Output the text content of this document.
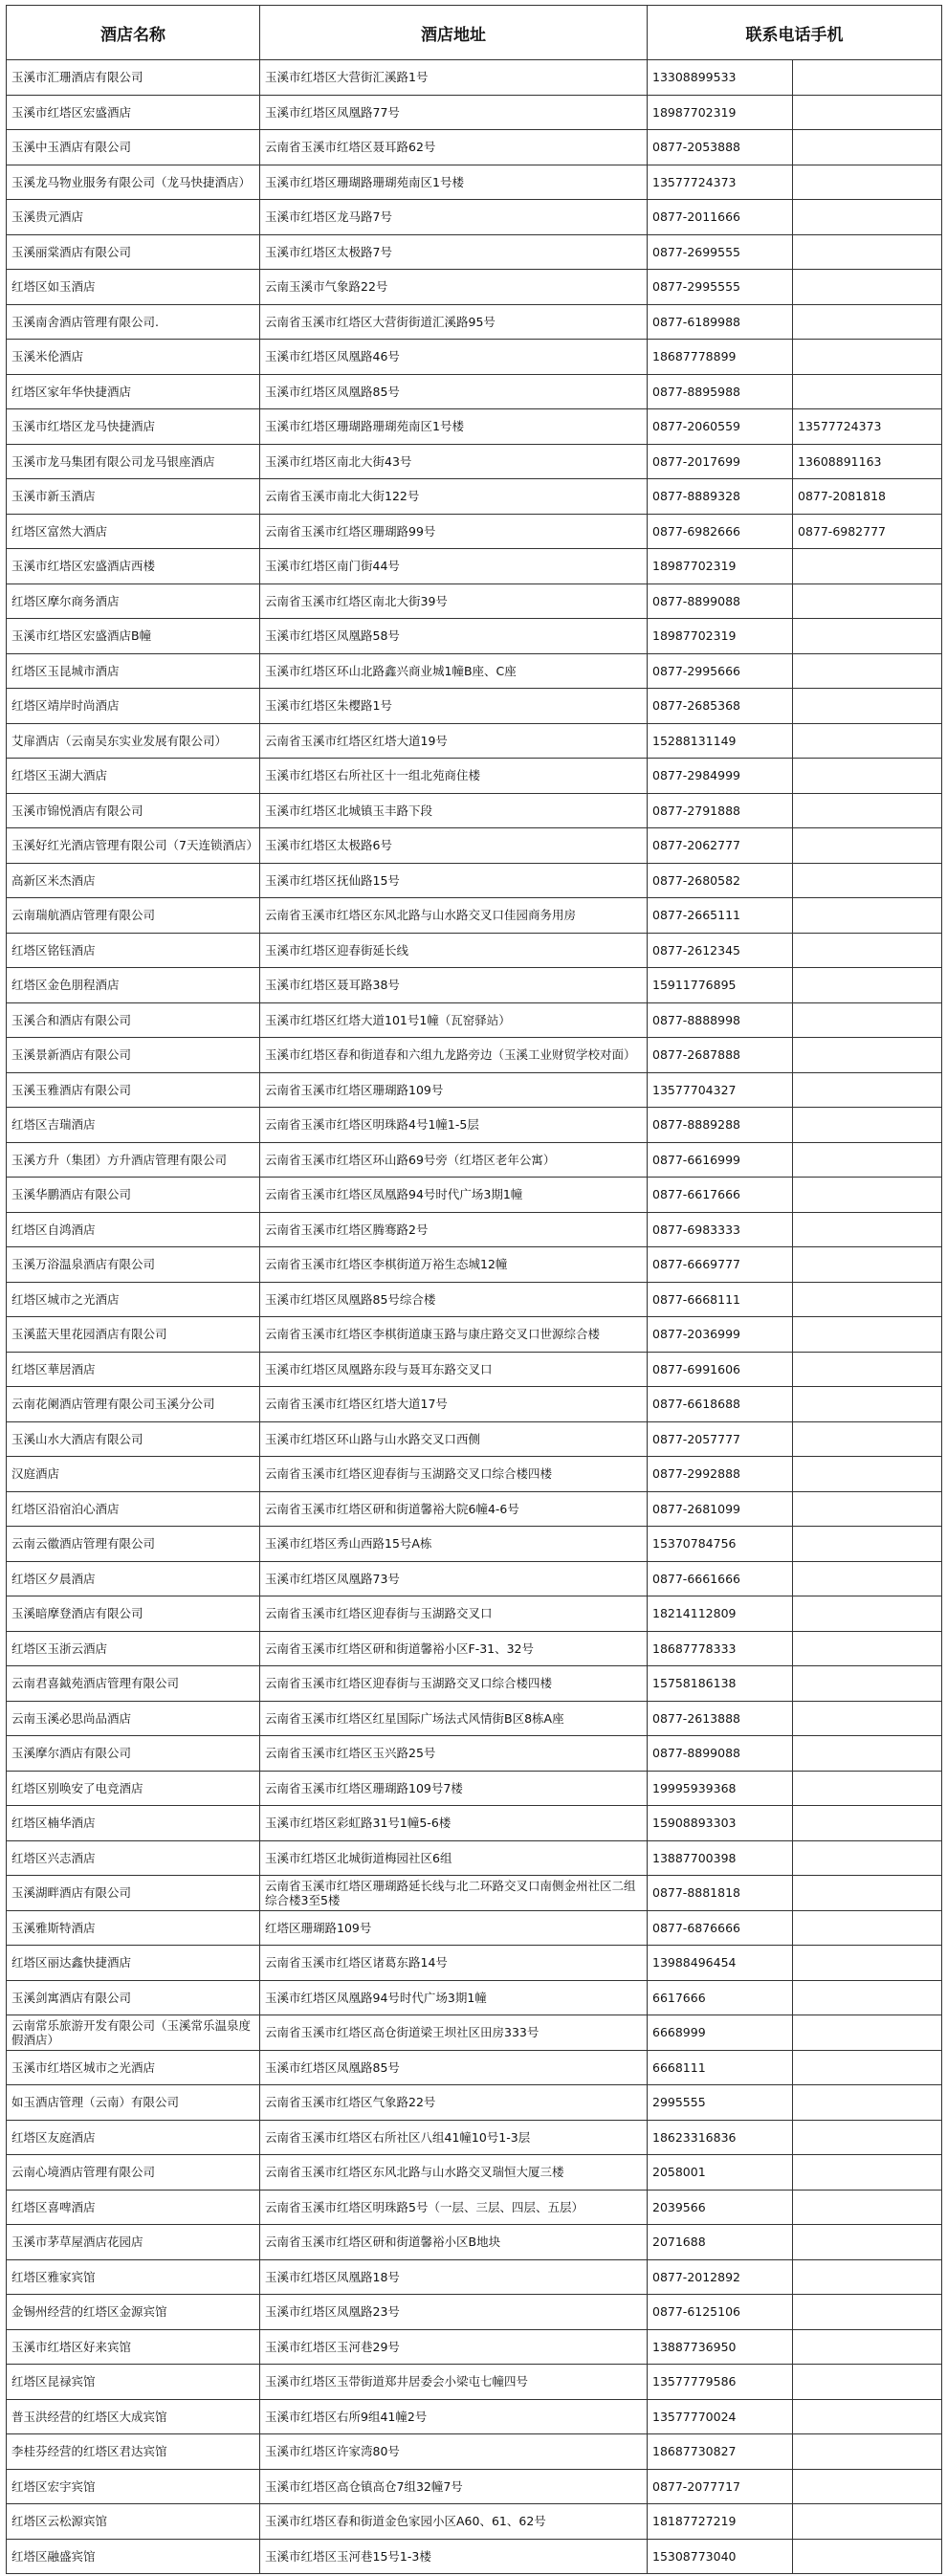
酒店名称	酒店地址	联系电话手机	
玉溪市汇珊酒店有限公司	玉溪市红塔区大营街汇溪路1号	13308899533	
玉溪市红塔区宏盛酒店	玉溪市红塔区凤凰路77号	18987702319	
玉溪中玉酒店有限公司	云南省玉溪市红塔区聂耳路62号	0877-2053888	
玉溪龙马物业服务有限公司（龙马快捷酒店）	玉溪市红塔区珊瑚路珊瑚苑南区1号楼	13577724373	
玉溪贵元酒店	玉溪市红塔区龙马路7号	0877-2011666	
玉溪丽棠酒店有限公司	玉溪市红塔区太极路7号	0877-2699555	
红塔区如玉酒店	云南玉溪市气象路22号	0877-2995555	
玉溪南舍酒店管理有限公司.	云南省玉溪市红塔区大营街街道汇溪路95号	0877-6189988	
玉溪米伦酒店	玉溪市红塔区凤凰路46号	18687778899	
红塔区家年华快捷酒店	玉溪市红塔区凤凰路85号	0877-8895988	
玉溪市红塔区龙马快捷酒店	玉溪市红塔区珊瑚路珊瑚苑南区1号楼	0877-2060559	13577724373
玉溪市龙马集团有限公司龙马银座酒店	玉溪市红塔区南北大街43号	0877-2017699	13608891163
玉溪市新玉酒店	云南省玉溪市南北大街122号	0877-8889328	0877-2081818
红塔区富然大酒店	云南省玉溪市红塔区珊瑚路99号	0877-6982666	0877-6982777
玉溪市红塔区宏盛酒店西楼	玉溪市红塔区南门街44号	18987702319	
红塔区摩尔商务酒店	云南省玉溪市红塔区南北大街39号	0877-8899088	
玉溪市红塔区宏盛酒店B幢	玉溪市红塔区凤凰路58号	18987702319	
红塔区玉昆城市酒店	玉溪市红塔区环山北路鑫兴商业城1幢B座、C座	0877-2995666	
红塔区靖岸时尚酒店	玉溪市红塔区朱樱路1号	0877-2685368	
艾扉酒店（云南吴东实业发展有限公司）	云南省玉溪市红塔区红塔大道19号	15288131149	
红塔区玉湖大酒店	玉溪市红塔区右所社区十一组北苑商住楼	0877-2984999	
玉溪市锦悦酒店有限公司	玉溪市红塔区北城镇玉丰路下段	0877-2791888	
玉溪好红光酒店管理有限公司（7天连锁酒店）	玉溪市红塔区太极路6号	0877-2062777	
高新区米杰酒店	玉溪市红塔区抚仙路15号	0877-2680582	
云南瑞航酒店管理有限公司	云南省玉溪市红塔区东风北路与山水路交叉口佳园商务用房	0877-2665111	
红塔区铭钰酒店	玉溪市红塔区迎春街延长线	0877-2612345	
红塔区金色朋程酒店	玉溪市红塔区聂耳路38号	15911776895	
玉溪合和酒店有限公司	玉溪市红塔区红塔大道101号1幢（瓦窑驿站）	0877-8888998	
玉溪景新酒店有限公司	玉溪市红塔区春和街道春和六组九龙路旁边（玉溪工业财贸学校对面）	0877-2687888	
玉溪玉雅酒店有限公司	云南省玉溪市红塔区珊瑚路109号	13577704327	
红塔区吉瑞酒店	云南省玉溪市红塔区明珠路4号1幢1-5层	0877-8889288	
玉溪方升（集团）方升酒店管理有限公司	云南省玉溪市红塔区环山路69号旁（红塔区老年公寓）	0877-6616999	
玉溪华鹏酒店有限公司	云南省玉溪市红塔区凤凰路94号时代广场3期1幢	0877-6617666	
红塔区自鸿酒店	云南省玉溪市红塔区腾骞路2号	0877-6983333	
玉溪万浴温泉酒店有限公司	云南省玉溪市红塔区李棋街道万裕生态城12幢	0877-6669777	
红塔区城市之光酒店	玉溪市红塔区凤凰路85号综合楼	0877-6668111	
玉溪蓝天里花园酒店有限公司	云南省玉溪市红塔区李棋街道康玉路与康庄路交叉口世源综合楼	0877-2036999	
红塔区華居酒店	玉溪市红塔区凤凰路东段与聂耳东路交叉口	0877-6991606	
云南花阑酒店管理有限公司玉溪分公司	云南省玉溪市红塔区红塔大道17号	0877-6618688	
玉溪山水大酒店有限公司	玉溪市红塔区环山路与山水路交叉口西侧	0877-2057777	
汉庭酒店	云南省玉溪市红塔区迎春街与玉湖路交叉口综合楼四楼	0877-2992888	
红塔区沿宿泊心酒店	云南省玉溪市红塔区研和街道馨裕大院6幢4-6号	0877-2681099	
云南云徽酒店管理有限公司	玉溪市红塔区秀山西路15号A栋	15370784756	
红塔区夕晨酒店	玉溪市红塔区凤凰路73号	0877-6661666	
玉溪暗摩登酒店有限公司	云南省玉溪市红塔区迎春街与玉湖路交叉口	18214112809	
红塔区玉浙云酒店	云南省玉溪市红塔区研和街道馨裕小区F-31、32号	18687778333	
云南君喜鉞苑酒店管理有限公司	云南省玉溪市红塔区迎春街与玉湖路交叉口综合楼四楼	15758186138	
云南玉溪必思尚品酒店	云南省玉溪市红塔区红星国际广场法式风情街B区8栋A座	0877-2613888	
玉溪摩尔酒店有限公司	云南省玉溪市红塔区玉兴路25号	0877-8899088	
红塔区别唤安了电竞酒店	云南省玉溪市红塔区珊瑚路109号7楼	19995939368	
红塔区楠华酒店	玉溪市红塔区彩虹路31号1幢5-6楼	15908893303	
红塔区兴志酒店	玉溪市红塔区北城街道梅园社区6组	13887700398	
玉溪湖畔酒店有限公司	云南省玉溪市红塔区珊瑚路延长线与北二环路交叉口南侧金州社区二组综合楼3至5楼	0877-8881818	
玉溪雅斯特酒店	红塔区珊瑚路109号	0877-6876666	
红塔区丽达鑫快捷酒店	云南省玉溪市红塔区诸葛东路14号	13988496454	
玉溪剑寓酒店有限公司	玉溪市红塔区凤凰路94号时代广场3期1幢	6617666	
云南常乐旅游开发有限公司（玉溪常乐温泉度假酒店）	云南省玉溪市红塔区高仓街道梁王坝社区田房333号	6668999	
玉溪市红塔区城市之光酒店	玉溪市红塔区凤凰路85号	6668111	
如玉酒店管理（云南）有限公司	云南省玉溪市红塔区气象路22号	2995555	
红塔区友庭酒店	云南省玉溪市红塔区右所社区八组41幢10号1-3层	18623316836	
云南心境酒店管理有限公司	云南省玉溪市红塔区东风北路与山水路交叉瑞恒大厦三楼	2058001	
红塔区喜啤酒店	云南省玉溪市红塔区明珠路5号（一层、三层、四层、五层）	2039566	
玉溪市茅草屋酒店花园店	云南省玉溪市红塔区研和街道馨裕小区B地块	2071688	
红塔区雅家宾馆	玉溪市红塔区凤凰路18号	0877-2012892	
金锡州经营的红塔区金源宾馆	玉溪市红塔区凤凰路23号	0877-6125106	
玉溪市红塔区好来宾馆	玉溪市红塔区玉河巷29号	13887736950	
红塔区昆禄宾馆	玉溪市红塔区玉带街道郑井居委会小梁屯七幢四号	13577779586	
普玉洪经营的红塔区大成宾馆	玉溪市红塔区右所9组41幢2号	13577770024	
李桂芬经营的红塔区君达宾馆	玉溪市红塔区许家湾80号	18687730827	
红塔区宏宇宾馆	玉溪市红塔区高仓镇高仓7组32幢7号	0877-2077717	
红塔区云松源宾馆	玉溪市红塔区春和街道金色家园小区A60、61、62号	18187727219	
红塔区融盛宾馆	玉溪市红塔区玉河巷15号1-3楼	15308773040	
